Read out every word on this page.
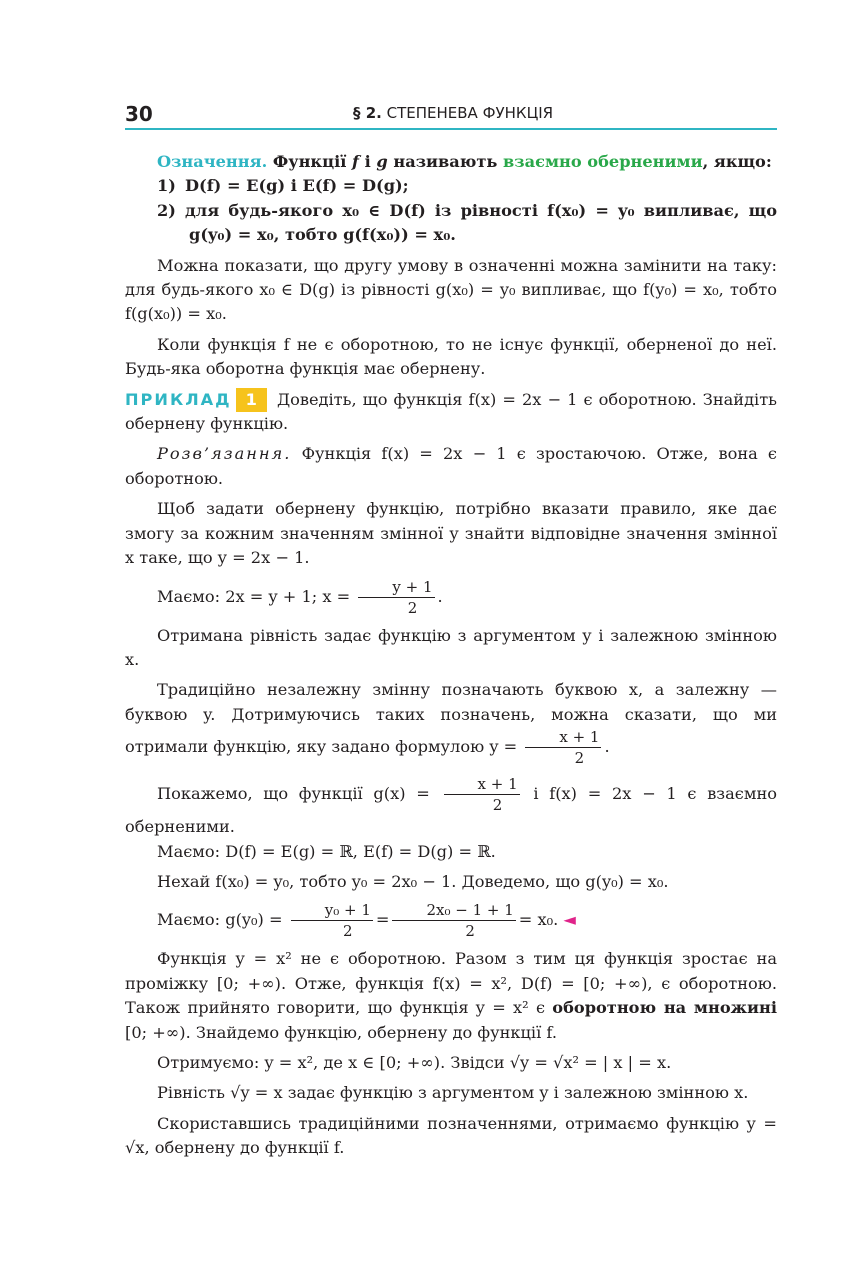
30	§ 2. СТЕПЕНЕВА ФУНКЦІЯ

Означення. Функції f і g називають взаємно оберненими, якщо:

1) D(f) = E(g) і E(f) = D(g);

2) для будь-якого x₀ ∈ D(f) із рівності f(x₀) = y₀ випливає, що g(y₀) = x₀, тобто g(f(x₀)) = x₀.

Можна показати, що другу умову в означенні можна замінити на таку: для будь-якого x₀ ∈ D(g) із рівності g(x₀) = y₀ випливає, що f(y₀) = x₀, тобто f(g(x₀)) = x₀.

Коли функція f не є оборотною, то не існує функції, оберненої до неї. Будь-яка оборотна функція має обернену.

ПРИКЛАД 1 Доведіть, що функція f(x) = 2x − 1 є оборотною. Знайдіть обернену функцію.

Розв’язання. Функція f(x) = 2x − 1 є зростаючою. Отже, вона є оборотною.

Щоб задати обернену функцію, потрібно вказати правило, яке дає змогу за кожним значенням змінної y знайти відповідне значення змінної x таке, що y = 2x − 1.

Маємо: 2x = y + 1; $x = \frac{y + 1}{2}$ .

Отримана рівність задає функцію з аргументом y і залежною змінною x.

Традиційно незалежну змінну позначають буквою x, а залежну — буквою y. Дотримуючись таких позначень, можна сказати, що ми отримали функцію, яку задано формулою $y = \frac{x + 1}{2}$ .

Покажемо, що функції $g(x) = \frac{x + 1}{2}$ і f(x) = 2x − 1 є взаємно оберненими.

Маємо: D(f) = E(g) = ℝ, E(f) = D(g) = ℝ.

Нехай f(x₀) = y₀, тобто y₀ = 2x₀ − 1. Доведемо, що g(y₀) = x₀.

Маємо: $g(y_0) = \frac{\text{y₀ + 1}}{2} = \frac{\text{2x₀ − 1 + 1}}{2} = x_0$. ◄

Функція y = x² не є оборотною. Разом з тим ця функція зростає на проміжку [0; +∞). Отже, функція f(x) = x², D(f) = [0; +∞), є оборотною. Також прийнято говорити, що функція y = x² є оборотною на множині [0; +∞). Знайдемо функцію, обернену до функції f.

Отримуємо: y = x², де x ∈ [0; +∞). Звідси √y = √x² = | x | = x.

Рівність √y = x задає функцію з аргументом y і залежною змінною x.

Скориставшись традиційними позначеннями, отримаємо функцію y = √x, обернену до функції f.
